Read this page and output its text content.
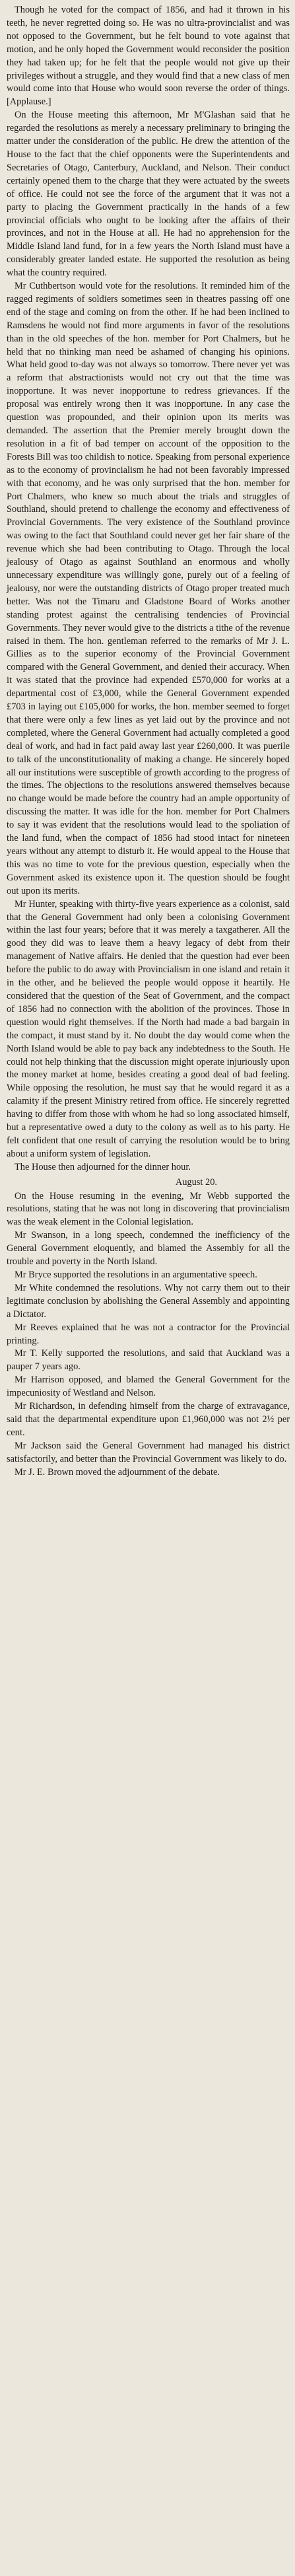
Though he voted for the compact of 1856, and had it thrown in his teeth, he never regretted doing so. He was no ultra-provincialist and was not opposed to the Government, but he felt bound to vote against that motion, and he only hoped the Government would reconsider the position they had taken up; for he felt that the people would not give up their privileges without a struggle, and they would find that a new class of men would come into that House who would soon reverse the order of things. [Applause.]

On the House meeting this afternoon, Mr M'Glashan said that he regarded the resolutions as merely a necessary preliminary to bringing the matter under the consideration of the public. He drew the attention of the House to the fact that the chief opponents were the Superintendents and Secretaries of Otago, Canterbury, Auckland, and Nelson. Their conduct certainly opened them to the charge that they were actuated by the sweets of office. He could not see the force of the argument that it was not a party to placing the Government practically in the hands of a few provincial officials who ought to be looking after the affairs of their provinces, and not in the House at all. He had no apprehension for the Middle Island land fund, for in a few years the North Island must have a considerably greater landed estate. He supported the resolution as being what the country required.

Mr Cuthbertson would vote for the resolutions. It reminded him of the ragged regiments of soldiers sometimes seen in theatres passing off one end of the stage and coming on from the other. If he had been inclined to Ramsdens he would not find more arguments in favor of the resolutions than in the old speeches of the hon. member for Port Chalmers, but he held that no thinking man need be ashamed of changing his opinions. What held good to-day was not always so tomorrow. There never yet was a reform that abstractionists would not cry out that the time was inopportune. It was never inopportune to redress grievances. If the proposal was entirely wrong then it was inopportune. In any case the question was propounded, and their opinion upon its merits was demanded. The assertion that the Premier merely brought down the resolution in a fit of bad temper on account of the opposition to the Forests Bill was too childish to notice. Speaking from personal experience as to the economy of provincialism he had not been favorably impressed with that economy, and he was only surprised that the hon. member for Port Chalmers, who knew so much about the trials and struggles of Southland, should pretend to challenge the economy and effectiveness of Provincial Governments. The very existence of the Southland province was owing to the fact that Southland could never get her fair share of the revenue which she had been contributing to Otago. Through the local jealousy of Otago as against Southland an enormous and wholly unnecessary expenditure was willingly gone, purely out of a feeling of jealousy, nor were the outstanding districts of Otago proper treated much better. Was not the Timaru and Gladstone Board of Works another standing protest against the centralising tendencies of Provincial Governments. They never would give to the districts a tithe of the revenue raised in them. The hon. gentleman referred to the remarks of Mr J. L. Gillies as to the superior economy of the Provincial Government compared with the General Government, and denied their accuracy. When it was stated that the province had expended £570,000 for works at a departmental cost of £3,000, while the General Government expended £703 in laying out £105,000 for works, the hon. member seemed to forget that there were only a few lines as yet laid out by the province and not completed, where the General Government had actually completed a good deal of work, and had in fact paid away last year £260,000. It was puerile to talk of the unconstitutionality of making a change. He sincerely hoped all our institutions were susceptible of growth according to the progress of the times. The objections to the resolutions answered themselves because no change would be made before the country had an ample opportunity of discussing the matter. It was idle for the hon. member for Port Chalmers to say it was evident that the resolutions would lead to the spoliation of the land fund, when the compact of 1856 had stood intact for nineteen years without any attempt to disturb it. He would appeal to the House that this was no time to vote for the previous question, especially when the Government asked its existence upon it. The question should be fought out upon its merits.

Mr Hunter, speaking with thirty-five years experience as a colonist, said that the General Government had only been a colonising Government within the last four years; before that it was merely a taxgatherer. All the good they did was to leave them a heavy legacy of debt from their management of Native affairs. He denied that the question had ever been before the public to do away with Provincialism in one island and retain it in the other, and he believed the people would oppose it heartily. He considered that the question of the Seat of Government, and the compact of 1856 had no connection with the abolition of the provinces. Those in question would right themselves. If the North had made a bad bargain in the compact, it must stand by it. No doubt the day would come when the North Island would be able to pay back any indebtedness to the South. He could not help thinking that the discussion might operate injuriously upon the money market at home, besides creating a good deal of bad feeling. While opposing the resolution, he must say that he would regard it as a calamity if the present Ministry retired from office. He sincerely regretted having to differ from those with whom he had so long associated himself, but a representative owed a duty to the colony as well as to his party. He felt confident that one result of carrying the resolution would be to bring about a uniform system of legislation.

The House then adjourned for the dinner hour.

August 20.

On the House resuming in the evening, Mr Webb supported the resolutions, stating that he was not long in discovering that provincialism was the weak element in the Colonial legislation.

Mr Swanson, in a long speech, condemned the inefficiency of the General Government eloquently, and blamed the Assembly for all the trouble and poverty in the North Island.

Mr Bryce supported the resolutions in an argumentative speech.

Mr White condemned the resolutions. Why not carry them out to their legitimate conclusion by abolishing the General Assembly and appointing a Dictator.

Mr Reeves explained that he was not a contractor for the Provincial printing.

Mr T. Kelly supported the resolutions, and said that Auckland was a pauper 7 years ago.

Mr Harrison opposed, and blamed the General Government for the impecuniosity of Westland and Nelson.

Mr Richardson, in defending himself from the charge of extravagance, said that the departmental expenditure upon £1,960,000 was not 2½ per cent.

Mr Jackson said the General Government had managed his district satisfactorily, and better than the Provincial Government was likely to do.

Mr J. E. Brown moved the adjournment of the debate.
